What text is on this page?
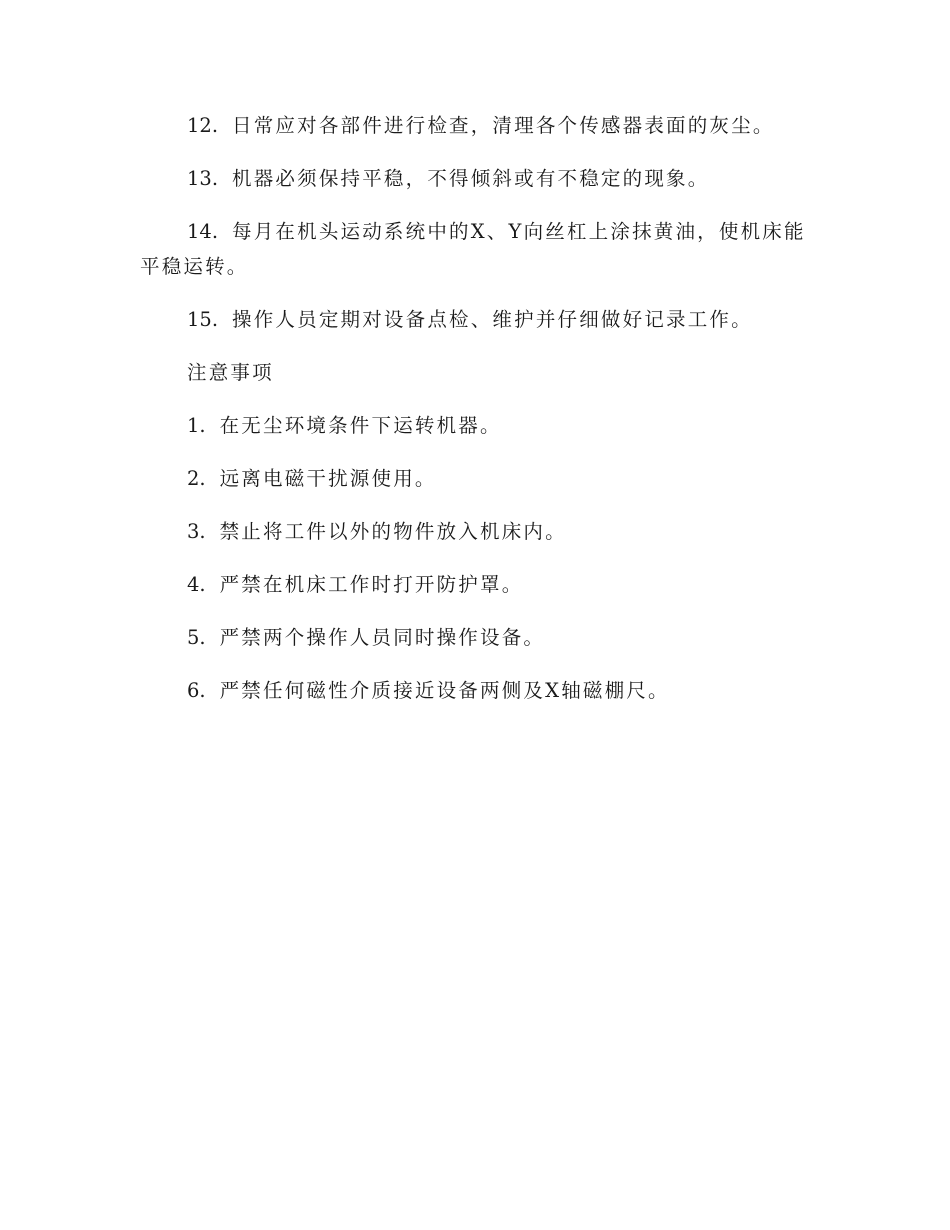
12. 日常应对各部件进行检查，清理各个传感器表面的灰尘。

13. 机器必须保持平稳，不得倾斜或有不稳定的现象。

14. 每月在机头运动系统中的X、Y向丝杠上涂抹黄油，使机床能平稳运转。

15. 操作人员定期对设备点检、维护并仔细做好记录工作。

注意事项

1. 在无尘环境条件下运转机器。

2. 远离电磁干扰源使用。

3. 禁止将工件以外的物件放入机床内。

4. 严禁在机床工作时打开防护罩。

5. 严禁两个操作人员同时操作设备。

6. 严禁任何磁性介质接近设备两侧及X轴磁棚尺。
